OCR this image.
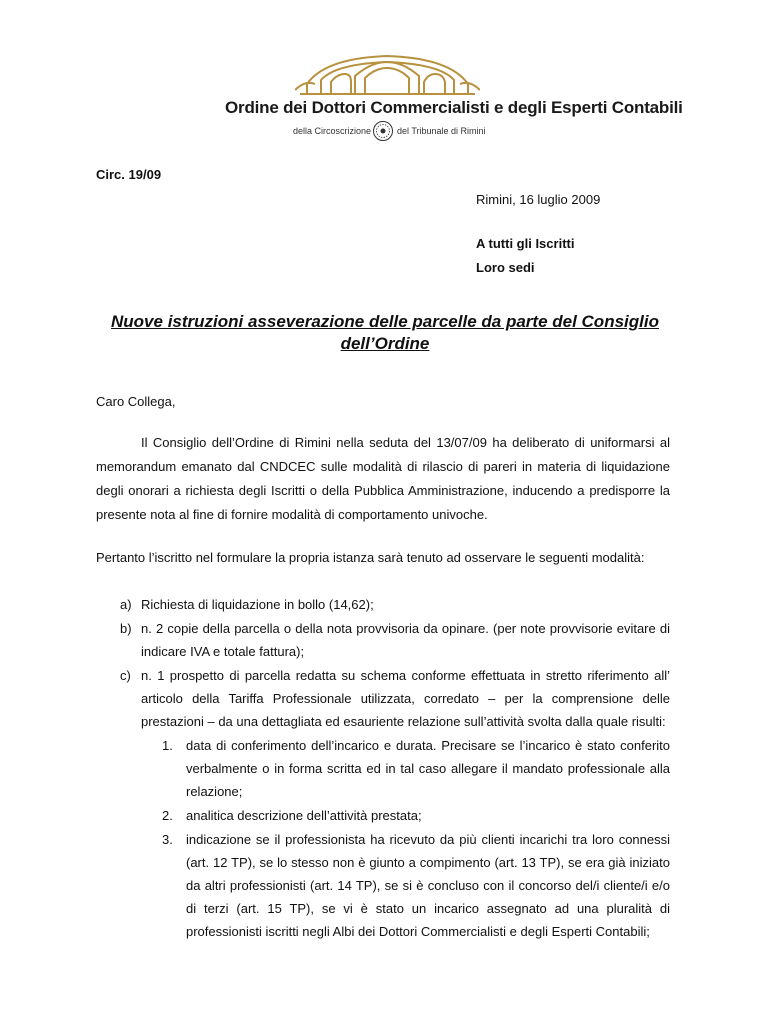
Ordine dei Dottori Commercialisti e degli Esperti Contabili
della Circoscrizione	del Tribunale di Rimini
Circ. 19/09
Rimini, 16 luglio 2009
A tutti gli Iscritti
Loro sedi
Nuove istruzioni asseverazione delle parcelle da parte del Consiglio dell’Ordine
Caro Collega,
Il Consiglio dell’Ordine di Rimini nella seduta del 13/07/09 ha deliberato di uniformarsi al memorandum emanato dal CNDCEC sulle modalità di rilascio di pareri in materia di liquidazione degli onorari a richiesta degli Iscritti o della Pubblica Amministrazione, inducendo a predisporre la presente nota al fine di fornire modalità di comportamento univoche.
Pertanto l’iscritto nel formulare la propria istanza sarà tenuto ad osservare le seguenti modalità:
a) Richiesta di liquidazione in bollo (14,62);
b) n. 2 copie della parcella o della nota provvisoria da opinare. (per note provvisorie evitare di indicare IVA e totale fattura);
c) n. 1 prospetto di parcella redatta su schema conforme effettuata in stretto riferimento all’ articolo della Tariffa Professionale utilizzata, corredato – per la comprensione delle prestazioni – da una dettagliata ed esauriente relazione sull’attività svolta dalla quale risulti:
1. data di conferimento dell’incarico e durata. Precisare se l’incarico è stato conferito verbalmente o in forma scritta ed in tal caso allegare il mandato professionale alla relazione;
2. analitica descrizione dell’attività prestata;
3. indicazione se il professionista ha ricevuto da più clienti incarichi tra loro connessi (art. 12 TP), se lo stesso non è giunto a compimento (art. 13 TP), se era già iniziato da altri professionisti (art. 14 TP), se si è concluso con il concorso del/i cliente/i e/o di terzi (art. 15 TP), se vi è stato un incarico assegnato ad una pluralità di professionisti iscritti negli Albi dei Dottori Commercialisti e degli Esperti Contabili;
